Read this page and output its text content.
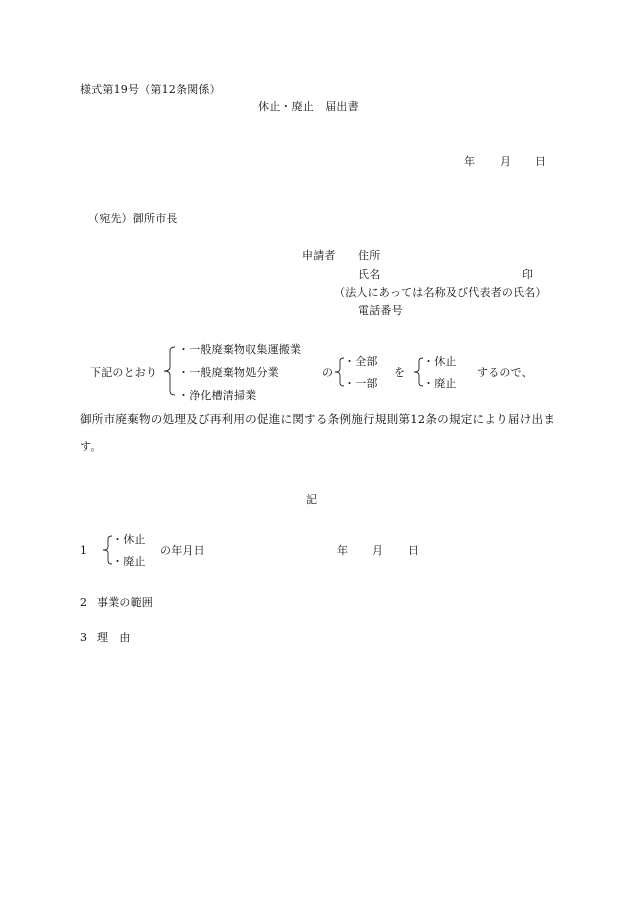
様式第19号（第12条関係）
休止・廃止　届出書
年 月 日
（宛先）御所市長
申請者 住所
氏名	印
（法人にあっては名称及び代表者の氏名）
電話番号
下記のとおり
・一般廃棄物収集運搬業
・一般廃棄物処分業
・浄化槽清掃業
の
・全部
・一部
を
・休止
・廃止
するので、
御所市廃棄物の処理及び再利用の促進に関する条例施行規則第12条の規定により届け出ま
す。
記
1
・休止
・廃止
の年月日	年 月 日
2 事業の範囲
3 理　由
